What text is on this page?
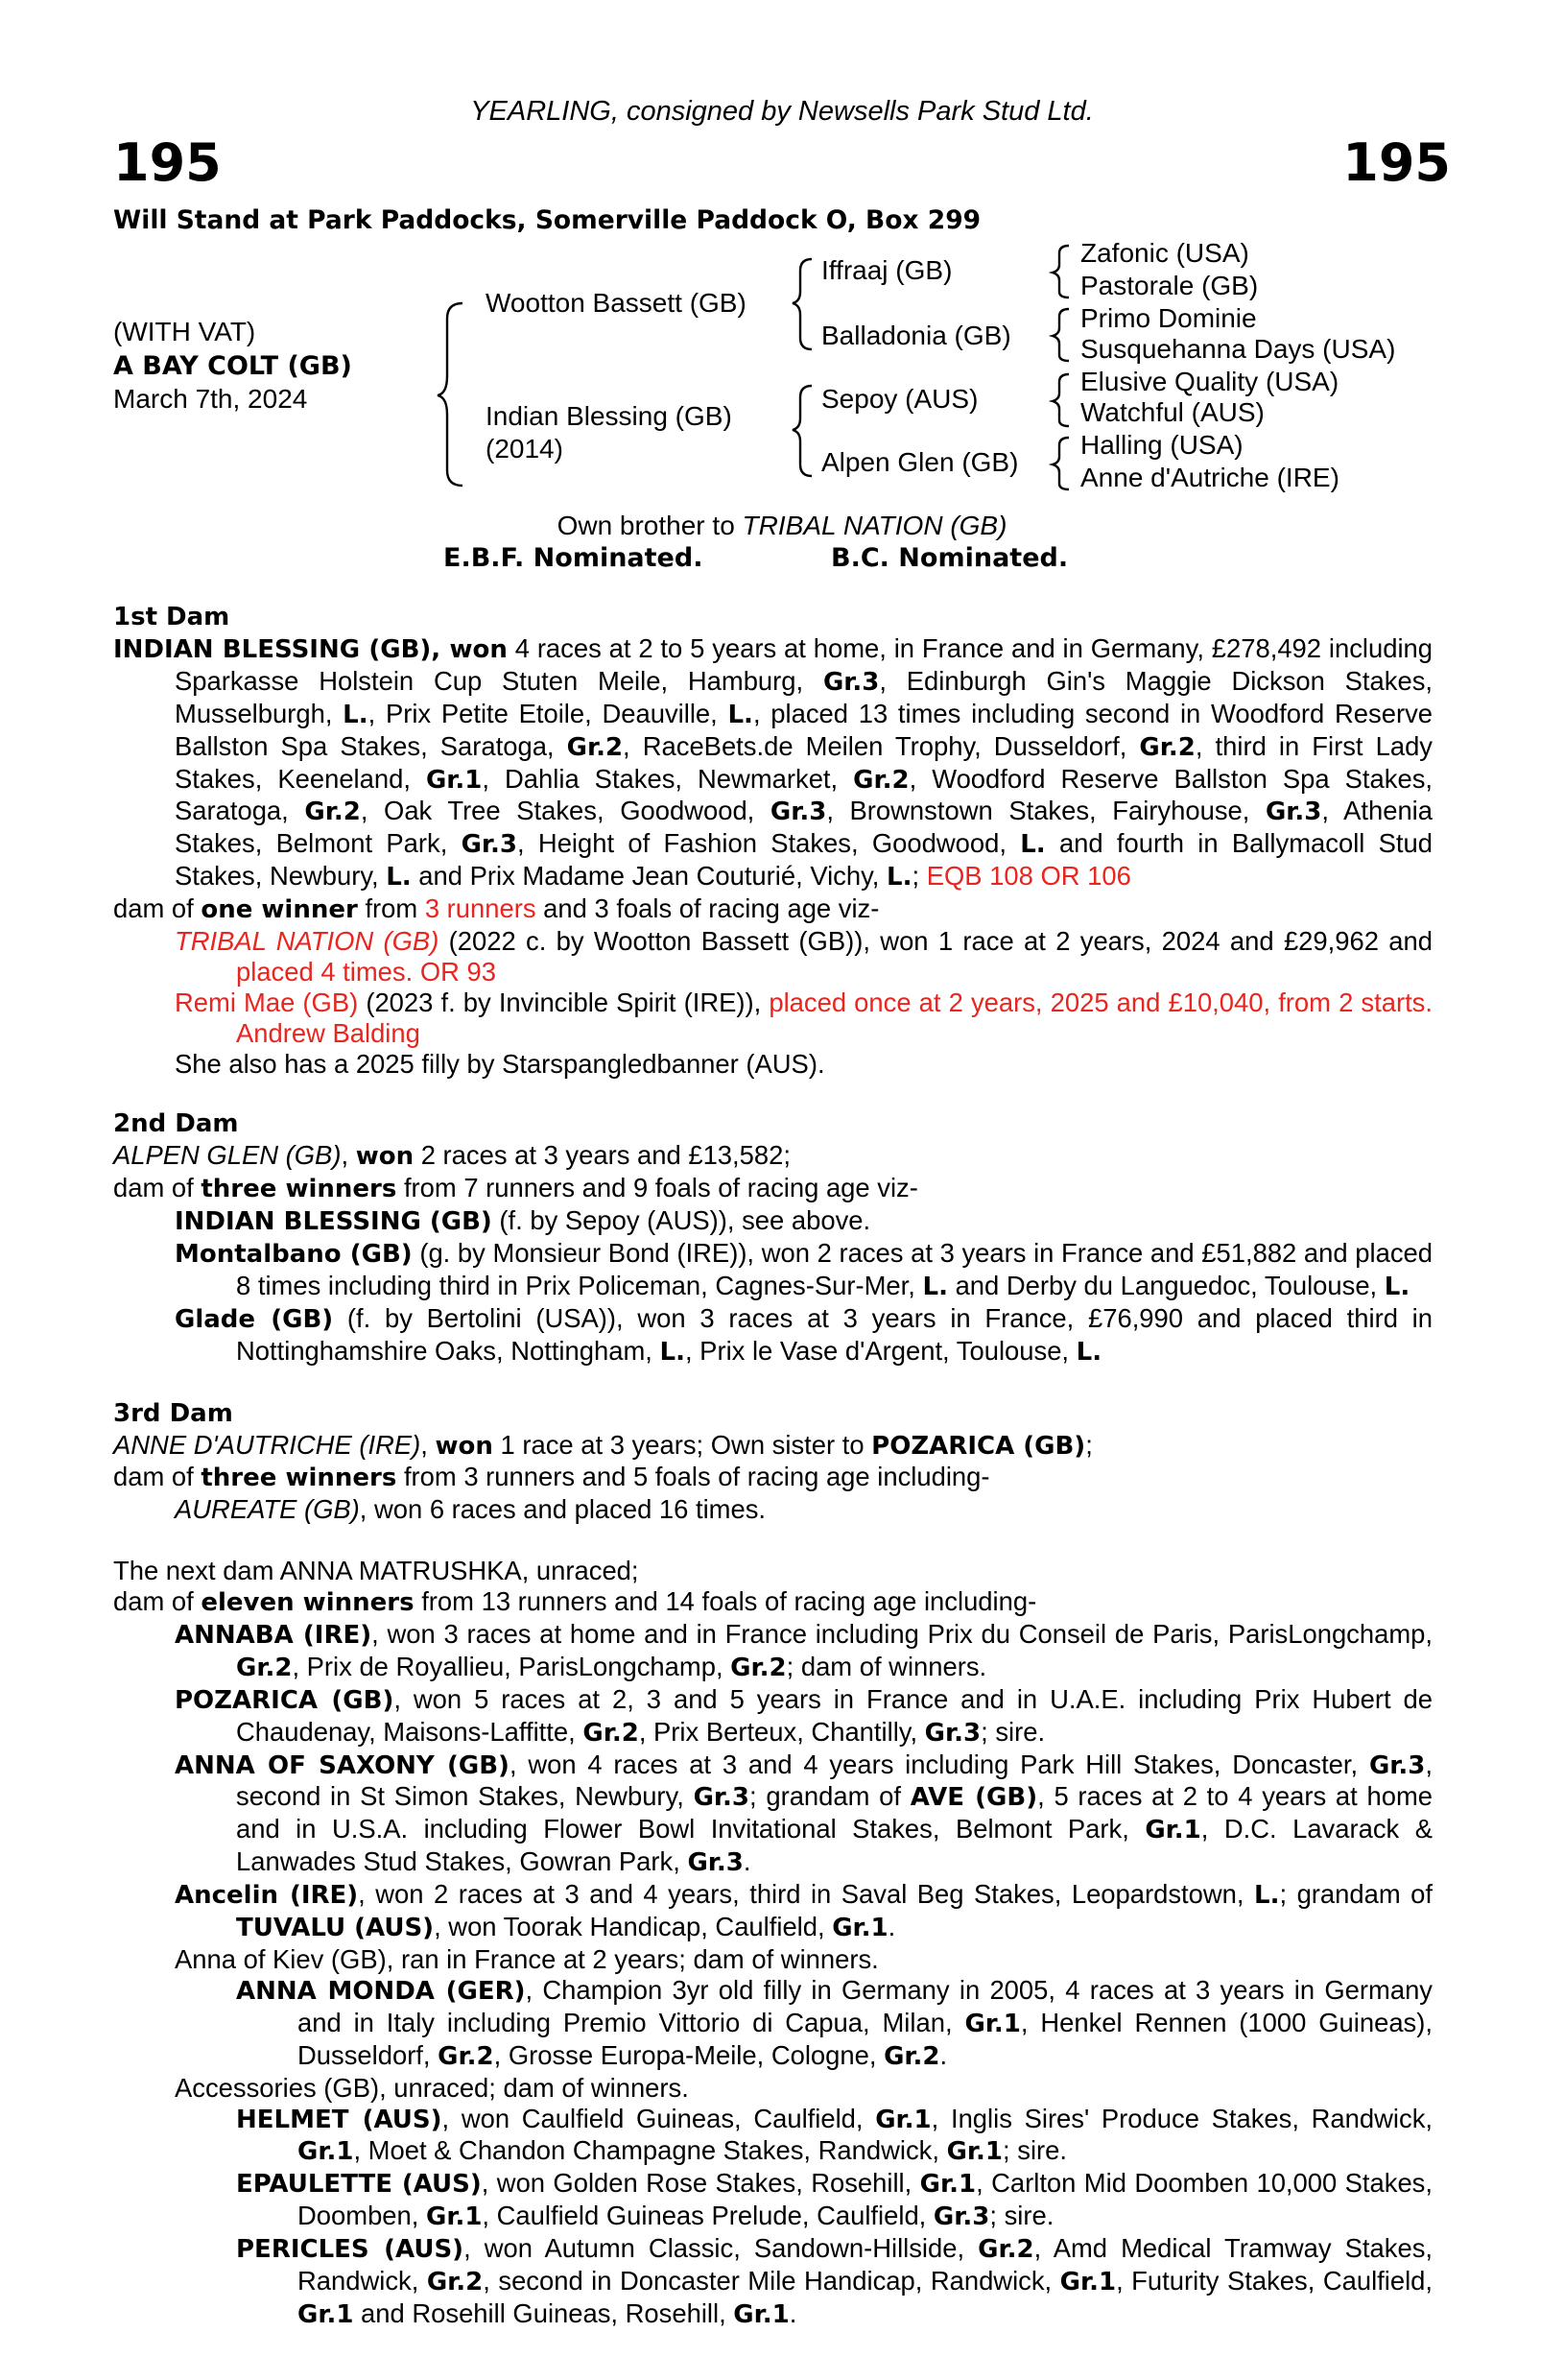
YEARLING, consigned by Newsells Park Stud Ltd.
195	195
Will Stand at Park Paddocks, Somerville Paddock O, Box 299
(WITH VAT)
A BAY COLT (GB)
March 7th, 2024
Wootton Bassett (GB)
Indian Blessing (GB)
(2014)
Iffraaj (GB)
Balladonia (GB)
Sepoy (AUS)
Alpen Glen (GB)
Zafonic (USA)
Pastorale (GB)
Primo Dominie
Susquehanna Days (USA)
Elusive Quality (USA)
Watchful (AUS)
Halling (USA)
Anne d'Autriche (IRE)
Own brother to TRIBAL NATION (GB)
E.B.F. Nominated.	B.C. Nominated.

1st Dam

INDIAN BLESSING (GB), won 4 races at 2 to 5 years at home, in France and in Germany, £278,492 including Sparkasse Holstein Cup Stuten Meile, Hamburg, Gr.3, Edinburgh Gin's Maggie Dickson Stakes, Musselburgh, L., Prix Petite Etoile, Deauville, L., placed 13 times including second in Woodford Reserve Ballston Spa Stakes, Saratoga, Gr.2, RaceBets.de Meilen Trophy, Dusseldorf, Gr.2, third in First Lady Stakes, Keeneland, Gr.1, Dahlia Stakes, Newmarket, Gr.2, Woodford Reserve Ballston Spa Stakes, Saratoga, Gr.2, Oak Tree Stakes, Goodwood, Gr.3, Brownstown Stakes, Fairyhouse, Gr.3, Athenia Stakes, Belmont Park, Gr.3, Height of Fashion Stakes, Goodwood, L. and fourth in Ballymacoll Stud Stakes, Newbury, L. and Prix Madame Jean Couturié, Vichy, L.; EQB 108 OR 106

dam of one winner from 3 runners and 3 foals of racing age viz-

TRIBAL NATION (GB) (2022 c. by Wootton Bassett (GB)), won 1 race at 2 years, 2024 and £29,962 and placed 4 times. OR 93

Remi Mae (GB) (2023 f. by Invincible Spirit (IRE)), placed once at 2 years, 2025 and £10,040, from 2 starts. Andrew Balding

She also has a 2025 filly by Starspangledbanner (AUS).

2nd Dam

ALPEN GLEN (GB), won 2 races at 3 years and £13,582;

dam of three winners from 7 runners and 9 foals of racing age viz-

INDIAN BLESSING (GB) (f. by Sepoy (AUS)), see above.

Montalbano (GB) (g. by Monsieur Bond (IRE)), won 2 races at 3 years in France and £51,882 and placed 8 times including third in Prix Policeman, Cagnes-Sur-Mer, L. and Derby du Languedoc, Toulouse, L.

Glade (GB) (f. by Bertolini (USA)), won 3 races at 3 years in France, £76,990 and placed third in Nottinghamshire Oaks, Nottingham, L., Prix le Vase d'Argent, Toulouse, L.

3rd Dam

ANNE D'AUTRICHE (IRE), won 1 race at 3 years; Own sister to POZARICA (GB);

dam of three winners from 3 runners and 5 foals of racing age including-

AUREATE (GB), won 6 races and placed 16 times.

The next dam ANNA MATRUSHKA, unraced;

dam of eleven winners from 13 runners and 14 foals of racing age including-

ANNABA (IRE), won 3 races at home and in France including Prix du Conseil de Paris, ParisLongchamp, Gr.2, Prix de Royallieu, ParisLongchamp, Gr.2; dam of winners.

POZARICA (GB), won 5 races at 2, 3 and 5 years in France and in U.A.E. including Prix Hubert de Chaudenay, Maisons-Laffitte, Gr.2, Prix Berteux, Chantilly, Gr.3; sire.

ANNA OF SAXONY (GB), won 4 races at 3 and 4 years including Park Hill Stakes, Doncaster, Gr.3, second in St Simon Stakes, Newbury, Gr.3; grandam of AVE (GB), 5 races at 2 to 4 years at home and in U.S.A. including Flower Bowl Invitational Stakes, Belmont Park, Gr.1, D.C. Lavarack & Lanwades Stud Stakes, Gowran Park, Gr.3.

Ancelin (IRE), won 2 races at 3 and 4 years, third in Saval Beg Stakes, Leopardstown, L.; grandam of TUVALU (AUS), won Toorak Handicap, Caulfield, Gr.1.

Anna of Kiev (GB), ran in France at 2 years; dam of winners.

ANNA MONDA (GER), Champion 3yr old filly in Germany in 2005, 4 races at 3 years in Germany and in Italy including Premio Vittorio di Capua, Milan, Gr.1, Henkel Rennen (1000 Guineas), Dusseldorf, Gr.2, Grosse Europa-Meile, Cologne, Gr.2.

Accessories (GB), unraced; dam of winners.

HELMET (AUS), won Caulfield Guineas, Caulfield, Gr.1, Inglis Sires' Produce Stakes, Randwick, Gr.1, Moet & Chandon Champagne Stakes, Randwick, Gr.1; sire.

EPAULETTE (AUS), won Golden Rose Stakes, Rosehill, Gr.1, Carlton Mid Doomben 10,000 Stakes, Doomben, Gr.1, Caulfield Guineas Prelude, Caulfield, Gr.3; sire.

PERICLES (AUS), won Autumn Classic, Sandown-Hillside, Gr.2, Amd Medical Tramway Stakes, Randwick, Gr.2, second in Doncaster Mile Handicap, Randwick, Gr.1, Futurity Stakes, Caulfield, Gr.1 and Rosehill Guineas, Rosehill, Gr.1.
